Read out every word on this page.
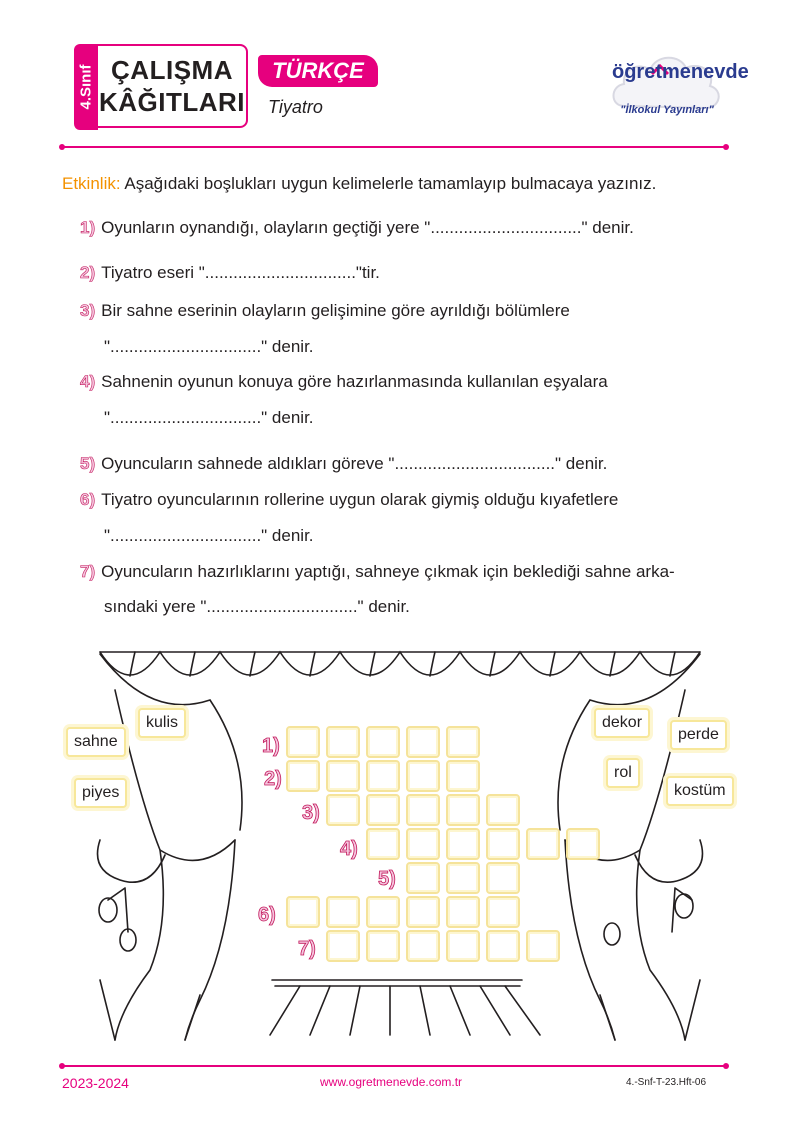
4.Sınıf ÇALIŞMA
KÂĞITLARI
TÜRKÇE
Tiyatro
öğretmenevde
"İlkokul Yayınları"
Etkinlik: Aşağıdaki boşlukları uygun kelimelerle tamamlayıp bulmacaya yazınız.
1) Oyunların oynandığı, olayların geçtiği yere "................................" denir.
2) Tiyatro eseri "................................"tir.
3) Bir sahne eserinin olayların gelişimine göre ayrıldığı bölümlere
"................................" denir.
4) Sahnenin oyunun konuya göre hazırlanmasında kullanılan eşyalara
"................................" denir.
5) Oyuncuların sahnede aldıkları göreve ".................................." denir.
6) Tiyatro oyuncularının rollerine uygun olarak giymiş olduğu kıyafetlere
"................................" denir.
7) Oyuncuların hazırlıklarını yaptığı, sahneye çıkmak için beklediği sahne arka-
sındaki yere "................................" denir.
sahne
kulis
piyes
dekor
perde
rol
kostüm
1)
2)
3)
4)
5)
6)
7)
2023-2024	www.ogretmenevde.com.tr	4.-Snf-T-23.Hft-06
